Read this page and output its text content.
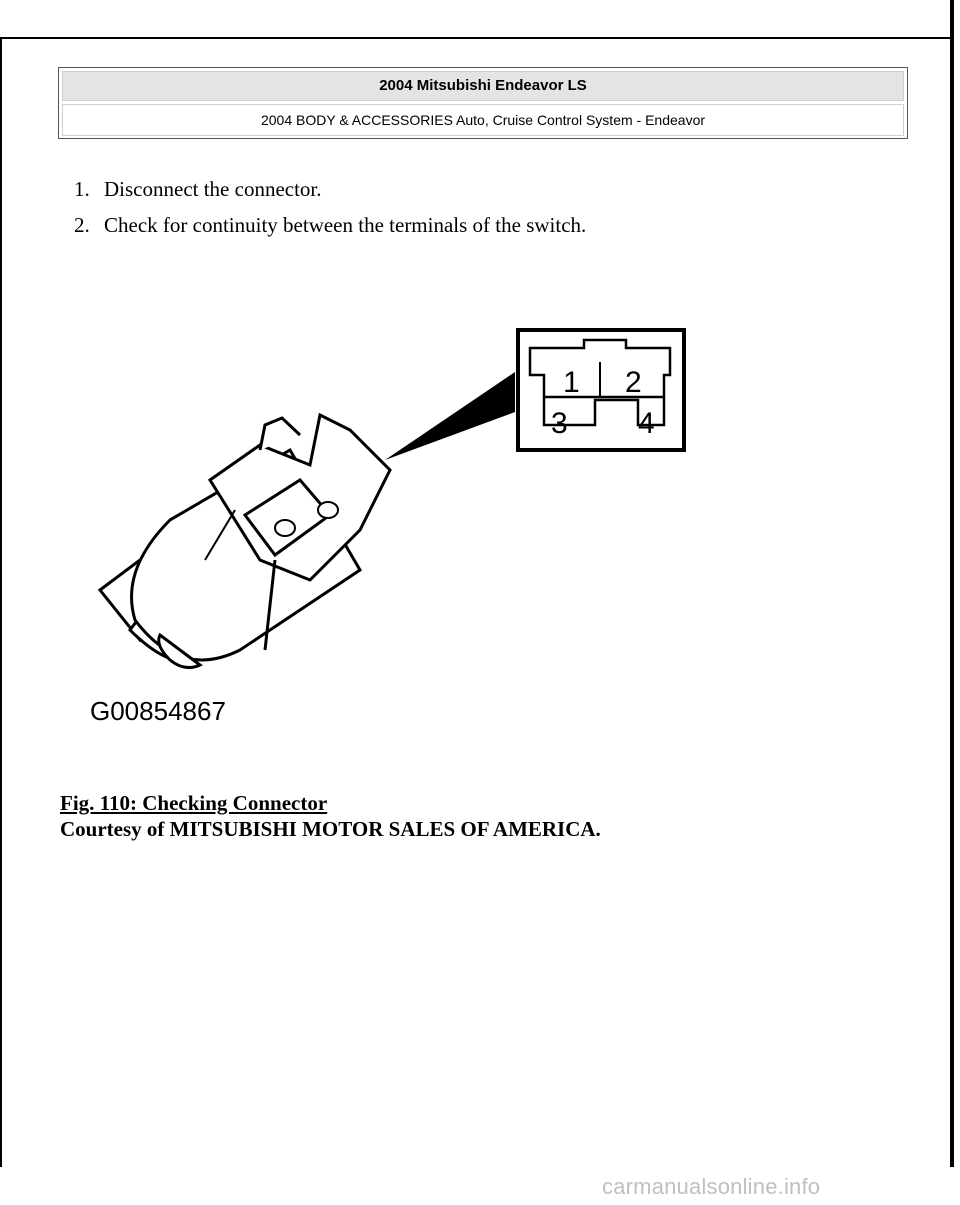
2004 Mitsubishi Endeavor LS
2004 BODY & ACCESSORIES Auto, Cruise Control System - Endeavor
1. Disconnect the connector.
2. Check for continuity between the terminals of the switch.
1 2
3 4
G00854867
Fig. 110: Checking Connector
Courtesy of MITSUBISHI MOTOR SALES OF AMERICA.
carmanualsonline.info
